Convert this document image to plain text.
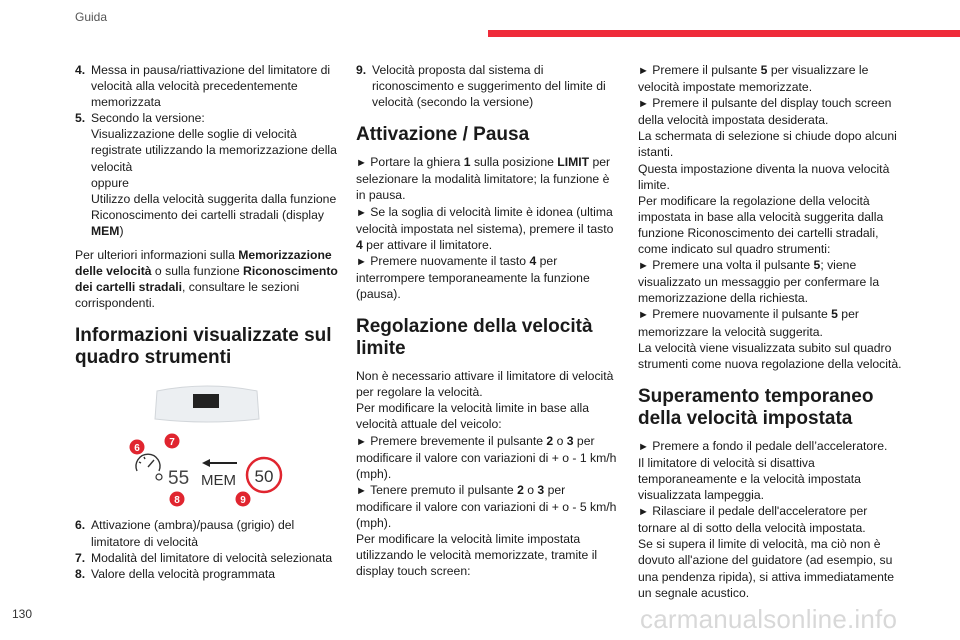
Guida
4. Messa in pausa/riattivazione del limitatore di velocità alla velocità precedentemente memorizzata
5. Secondo la versione:
Visualizzazione delle soglie di velocità registrate utilizzando la memorizzazione della velocità
oppure
Utilizzo della velocità suggerita dalla funzione Riconoscimento dei cartelli stradali (display MEM)

Per ulteriori informazioni sulla Memorizzazione delle velocità o sulla funzione Riconoscimento dei cartelli stradali, consultare le sezioni corrispondenti.

Informazioni visualizzate sul quadro strumenti
55 MEM 50
6
7
8	9
6. Attivazione (ambra)/pausa (grigio) del limitatore di velocità
7. Modalità del limitatore di velocità selezionata
8. Valore della velocità programmata
9. Velocità proposta dal sistema di riconoscimento e suggerimento del limite di velocità (secondo la versione)
Attivazione / Pausa

► Portare la ghiera 1 sulla posizione LIMIT per selezionare la modalità limitatore; la funzione è in pausa.

► Se la soglia di velocità limite è idonea (ultima velocità impostata nel sistema), premere il tasto 4 per attivare il limitatore.

► Premere nuovamente il tasto 4 per interrompere temporaneamente la funzione (pausa).

Regolazione della velocità limite

Non è necessario attivare il limitatore di velocità per regolare la velocità.

Per modificare la velocità limite in base alla velocità attuale del veicolo:

► Premere brevemente il pulsante 2 o 3 per modificare il valore con variazioni di + o - 1 km/h (mph).

► Tenere premuto il pulsante 2 o 3 per modificare il valore con variazioni di + o - 5 km/h (mph).

Per modificare la velocità limite impostata utilizzando le velocità memorizzate, tramite il display touch screen:

► Premere il pulsante 5 per visualizzare le velocità impostate memorizzate.

► Premere il pulsante del display touch screen della velocità impostata desiderata.

La schermata di selezione si chiude dopo alcuni istanti.

Questa impostazione diventa la nuova velocità limite.

Per modificare la regolazione della velocità impostata in base alla velocità suggerita dalla funzione Riconoscimento dei cartelli stradali, come indicato sul quadro strumenti:

► Premere una volta il pulsante 5; viene visualizzato un messaggio per confermare la memorizzazione della richiesta.

► Premere nuovamente il pulsante 5 per memorizzare la velocità suggerita.

La velocità viene visualizzata subito sul quadro strumenti come nuova regolazione della velocità.

Superamento temporaneo della velocità impostata

► Premere a fondo il pedale dell’acceleratore.

Il limitatore di velocità si disattiva temporaneamente e la velocità impostata visualizzata lampeggia.

► Rilasciare il pedale dell'acceleratore per tornare al di sotto della velocità impostata.

Se si supera il limite di velocità, ma ciò non è dovuto all'azione del guidatore (ad esempio, su una pendenza ripida), si attiva immediatamente un segnale acustico.

130	carmanualsonline.info
